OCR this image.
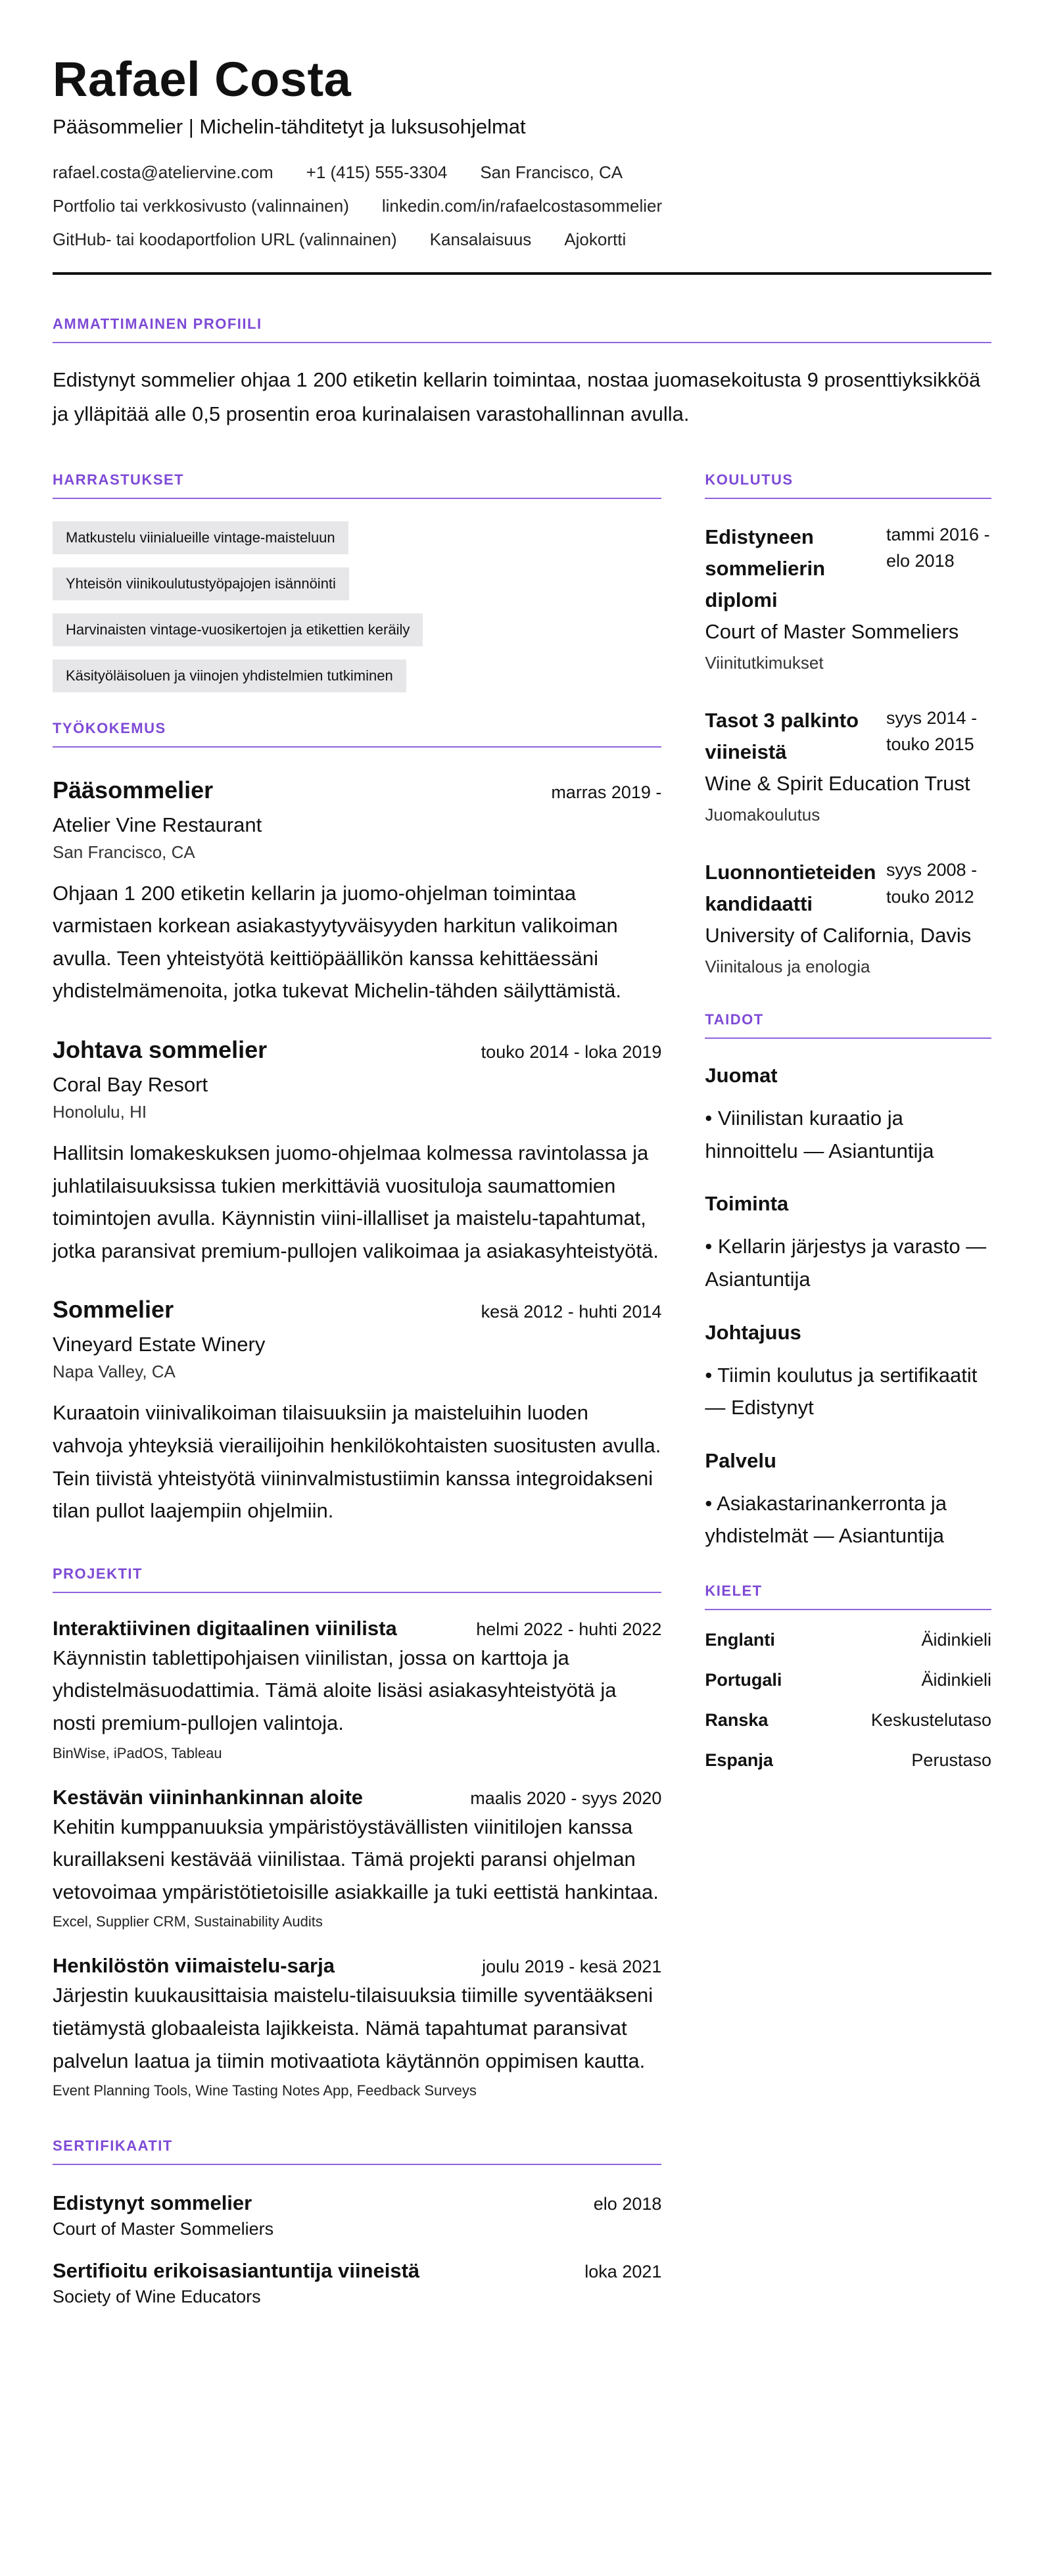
Rafael Costa
Pääsommelier | Michelin-tähditetyt ja luksusohjelmat
rafael.costa@ateliervine.com +1 (415) 555-3304 San Francisco, CA
Portfolio tai verkkosivusto (valinnainen) linkedin.com/in/rafaelcostasommelier
GitHub- tai koodaportfolion URL (valinnainen) Kansalaisuus Ajokortti
AMMATTIMAINEN PROFIILI
Edistynyt sommelier ohjaa 1 200 etiketin kellarin toimintaa, nostaa juomasekoitusta 9 prosenttiyksikköä ja ylläpitää alle 0,5 prosentin eroa kurinalaisen varastohallinnan avulla.
HARRASTUKSET
Matkustelu viinialueille vintage-maisteluun
Yhteisön viinikoulutustyöpajojen isännöinti
Harvinaisten vintage-vuosikertojen ja etikettien keräily
Käsityöläisoluen ja viinojen yhdistelmien tutkiminen
TYÖKOKEMUS
Pääsommelier	marras 2019 -
Atelier Vine Restaurant
San Francisco, CA
Ohjaan 1 200 etiketin kellarin ja juomo-ohjelman toimintaa varmistaen korkean asiakastyytyväisyyden harkitun valikoiman avulla. Teen yhteistyötä keittiöpäällikön kanssa kehittäessäni yhdistelmämenoita, jotka tukevat Michelin-tähden säilyttämistä.
Johtava sommelier	touko 2014 - loka 2019
Coral Bay Resort
Honolulu, HI
Hallitsin lomakeskuksen juomo-ohjelmaa kolmessa ravintolassa ja juhlatilaisuuksissa tukien merkittäviä vuosituloja saumattomien toimintojen avulla. Käynnistin viini-illalliset ja maistelu-tapahtumat, jotka paransivat premium-pullojen valikoimaa ja asiakasyhteistyötä.
Sommelier	kesä 2012 - huhti 2014
Vineyard Estate Winery
Napa Valley, CA
Kuraatoin viinivalikoiman tilaisuuksiin ja maisteluihin luoden vahvoja yhteyksiä vierailijoihin henkilökohtaisten suositusten avulla. Tein tiivistä yhteistyötä viininvalmistustiimin kanssa integroidakseni tilan pullot laajempiin ohjelmiin.
PROJEKTIT
Interaktiivinen digitaalinen viinilista	helmi 2022 - huhti 2022
Käynnistin tablettipohjaisen viinilistan, jossa on karttoja ja yhdistelmäsuodattimia. Tämä aloite lisäsi asiakasyhteistyötä ja nosti premium-pullojen valintoja.
BinWise, iPadOS, Tableau
Kestävän viininhankinnan aloite	maalis 2020 - syys 2020
Kehitin kumppanuuksia ympäristöystävällisten viinitilojen kanssa kuraillakseni kestävää viinilistaa. Tämä projekti paransi ohjelman vetovoimaa ympäristötietoisille asiakkaille ja tuki eettistä hankintaa.
Excel, Supplier CRM, Sustainability Audits
Henkilöstön viimaistelu-sarja	joulu 2019 - kesä 2021
Järjestin kuukausittaisia maistelu-tilaisuuksia tiimille syventääkseni tietämystä globaaleista lajikkeista. Nämä tapahtumat paransivat palvelun laatua ja tiimin motivaatiota käytännön oppimisen kautta.
Event Planning Tools, Wine Tasting Notes App, Feedback Surveys
SERTIFIKAATIT
Edistynyt sommelier	elo 2018
Court of Master Sommeliers
Sertifioitu erikoisasiantuntija viineistä	loka 2021
Society of Wine Educators
KOULUTUS
Edistyneen sommelierin diplomi
tammi 2016 - elo 2018
Court of Master Sommeliers
Viinitutkimukset
Tasot 3 palkinto viineistä
syys 2014 - touko 2015
Wine & Spirit Education Trust
Juomakoulutus
Luonnontieteiden kandidaatti
syys 2008 - touko 2012
University of California, Davis
Viinitalous ja enologia
TAIDOT
Juomat
• Viinilistan kuraatio ja hinnoittelu — Asiantuntija
Toiminta
• Kellarin järjestys ja varasto — Asiantuntija
Johtajuus
• Tiimin koulutus ja sertifikaatit — Edistynyt
Palvelu
• Asiakastarinankerronta ja yhdistelmät — Asiantuntija
KIELET
Englanti	Äidinkieli
Portugali	Äidinkieli
Ranska	Keskustelutaso
Espanja	Perustaso
